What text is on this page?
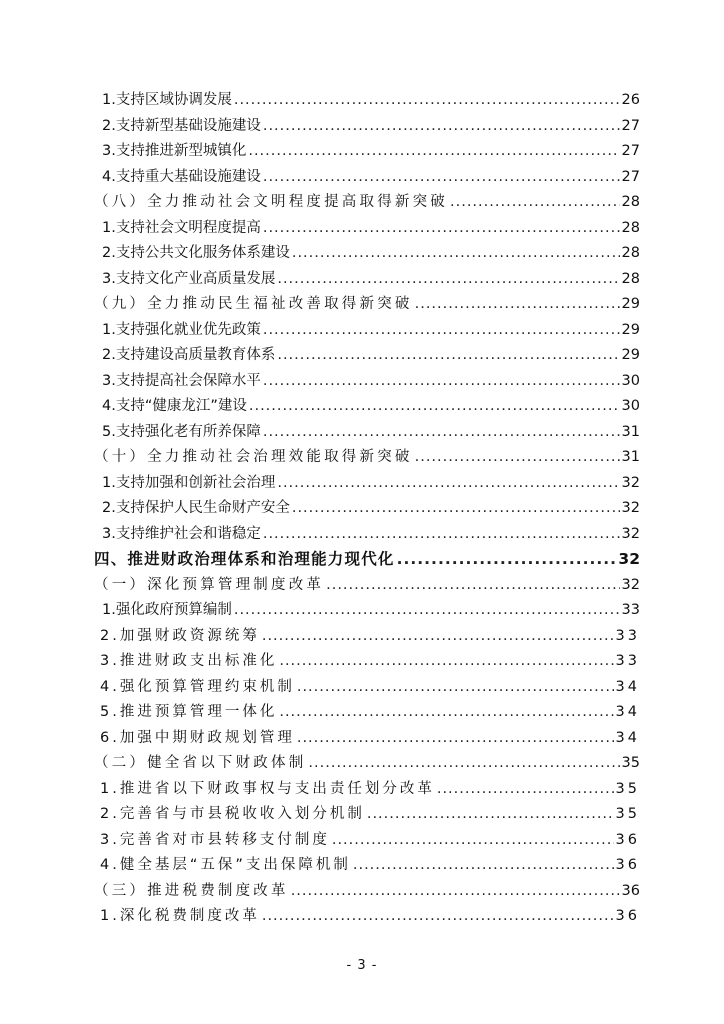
1.支持区域协调发展 .....	26
2.支持新型基础设施建设 .....	27
3.支持推进新型城镇化 .....	27
4.支持重大基础设施建设 .....	27
（八）全力推动社会文明程度提高取得新突破 .....	28
1.支持社会文明程度提高 .....	28
2.支持公共文化服务体系建设 .....	28
3.支持文化产业高质量发展 .....	28
（九）全力推动民生福祉改善取得新突破 .....	29
1.支持强化就业优先政策 .....	29
2.支持建设高质量教育体系 .....	29
3.支持提高社会保障水平 .....	30
4.支持“健康龙江”建设 .....	30
5.支持强化老有所养保障 .....	31
（十）全力推动社会治理效能取得新突破 .....	31
1.支持加强和创新社会治理 .....	32
2.支持保护人民生命财产安全 .....	32
3.支持维护社会和谐稳定 .....	32
四、推进财政治理体系和治理能力现代化 .....	32
（一）深化预算管理制度改革 .....	32
1.强化政府预算编制 .....	33
2.加强财政资源统筹 .....	33
3.推进财政支出标准化 .....	33
4.强化预算管理约束机制 .....	34
5.推进预算管理一体化 .....	34
6.加强中期财政规划管理 .....	34
（二）健全省以下财政体制 .....	35
1.推进省以下财政事权与支出责任划分改革 .....	35
2.完善省与市县税收收入划分机制 .....	35
3.完善省对市县转移支付制度 .....	36
4.健全基层“五保”支出保障机制 .....	36
（三）推进税费制度改革 .....	36
1.深化税费制度改革 .....	36
- 3 -
